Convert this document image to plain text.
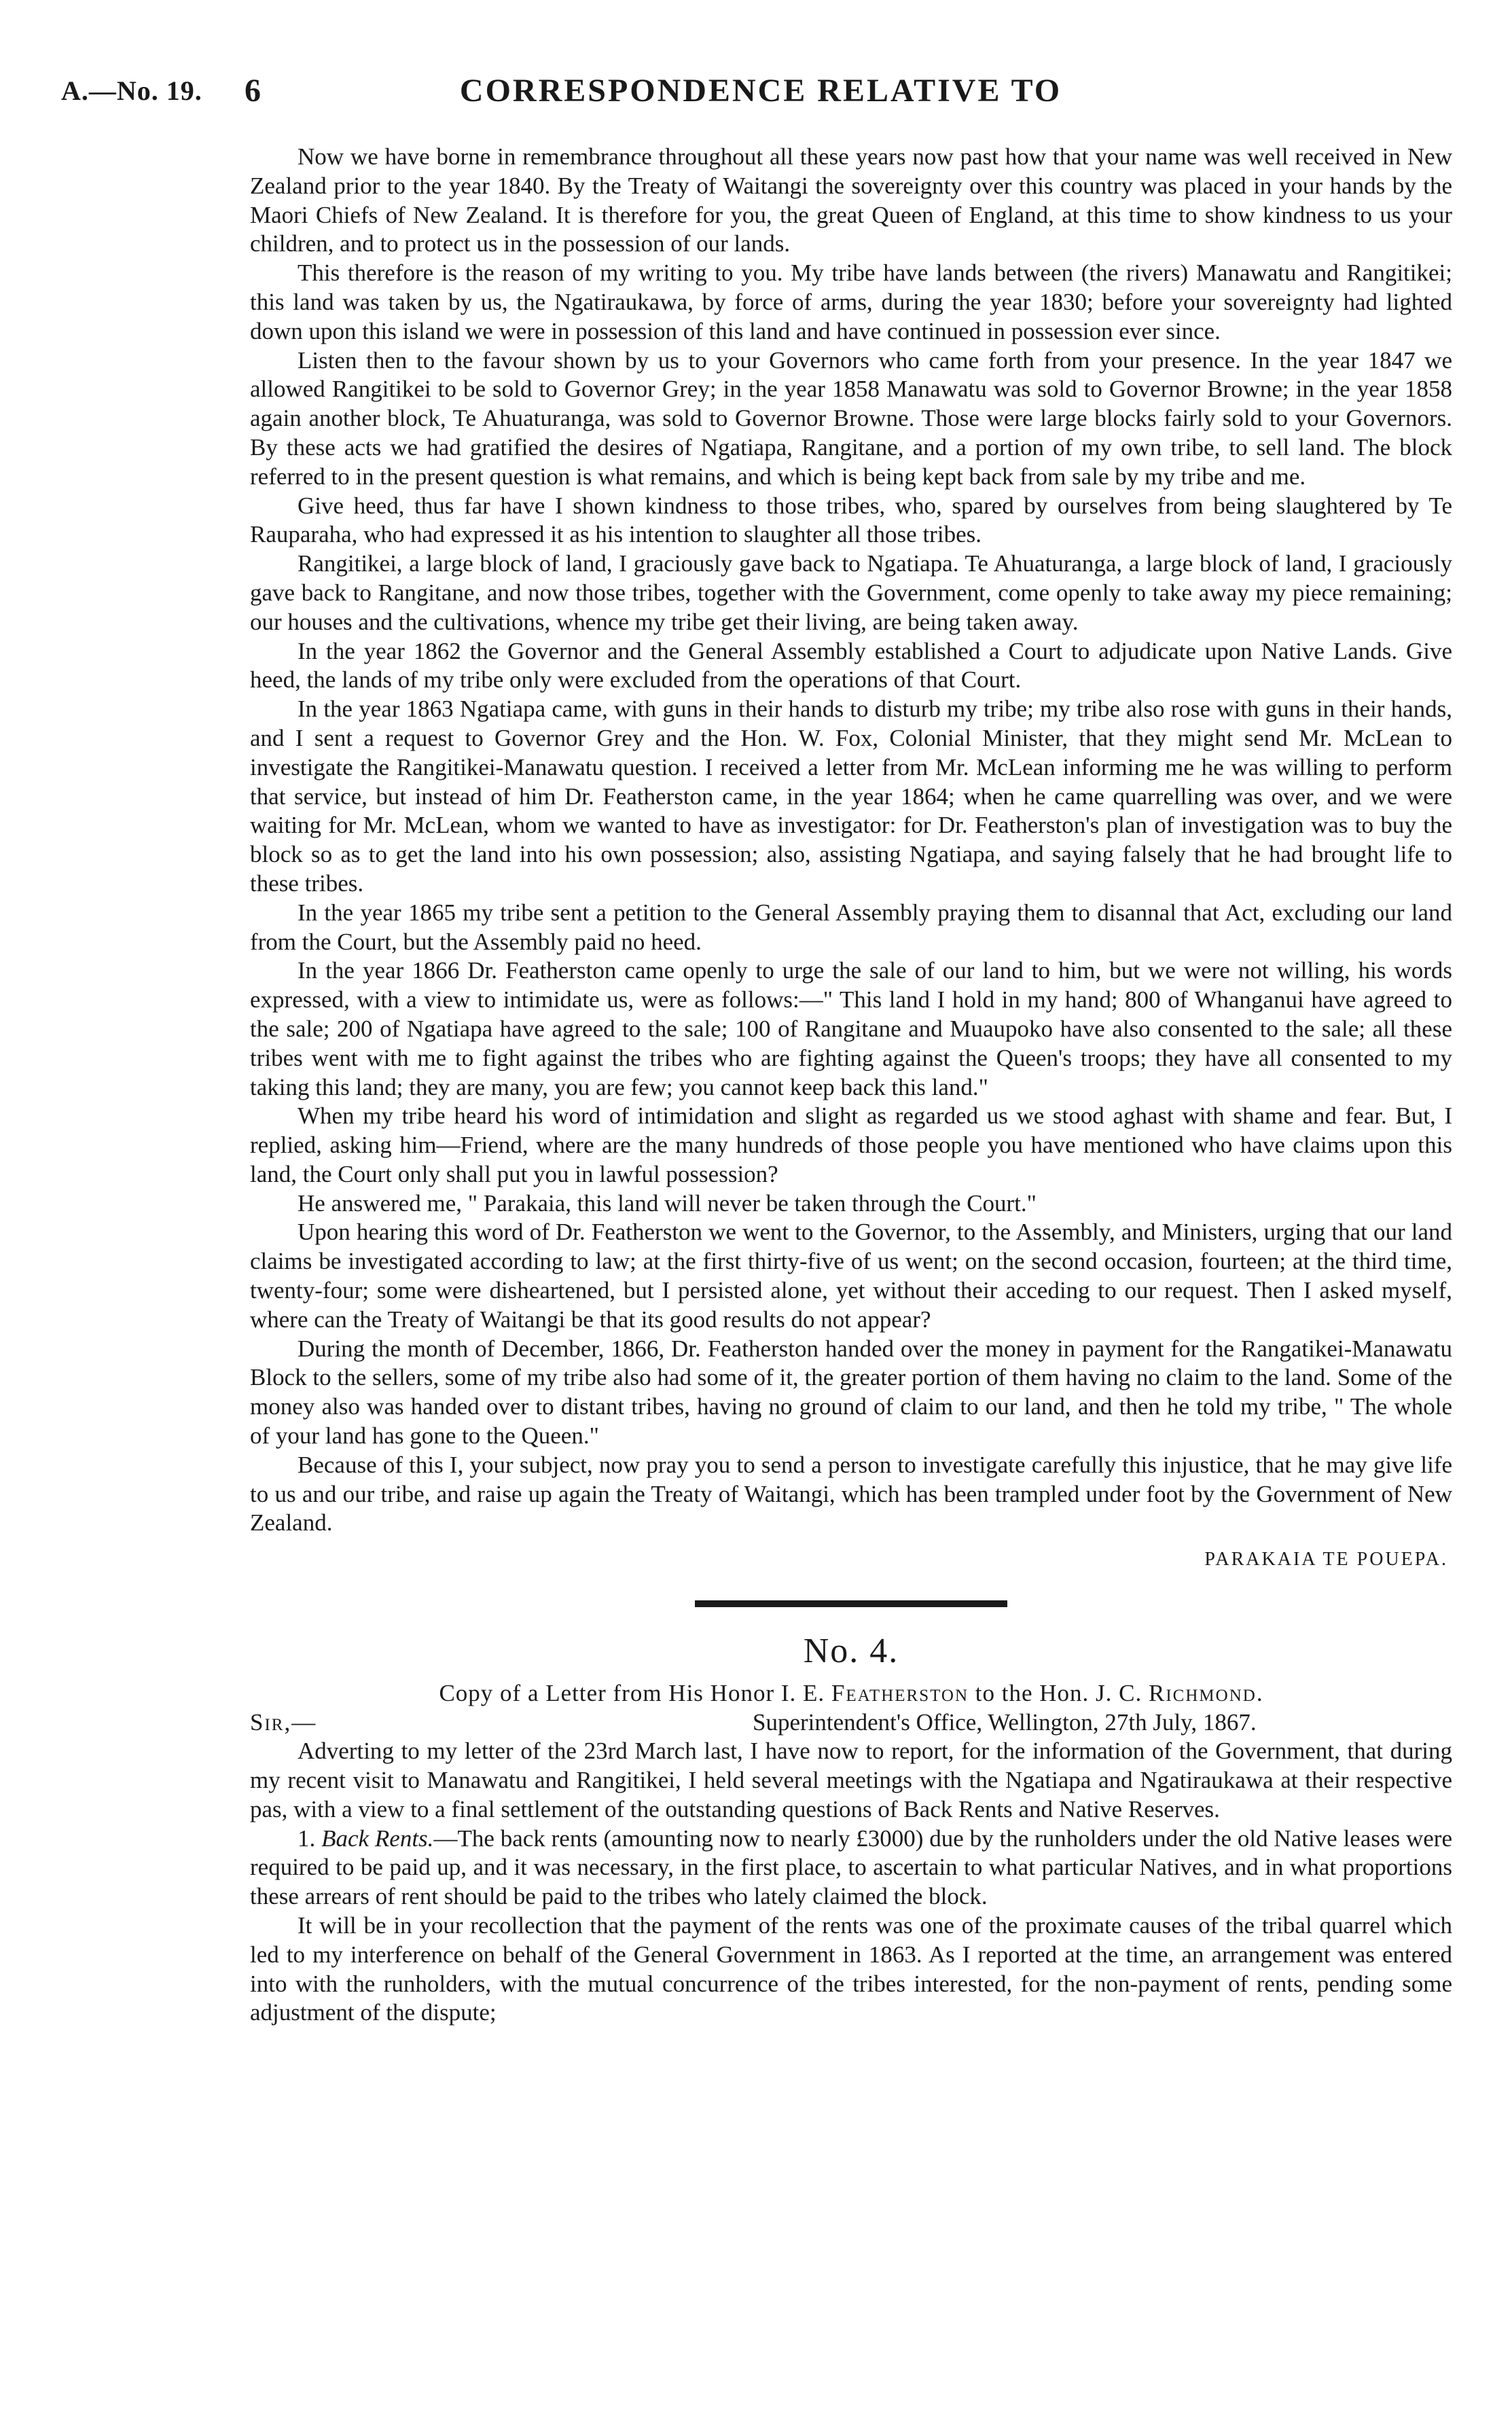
A.—No. 19. 6	CORRESPONDENCE RELATIVE TO

Now we have borne in remembrance throughout all these years now past how that your name was well received in New Zealand prior to the year 1840. By the Treaty of Waitangi the sovereignty over this country was placed in your hands by the Maori Chiefs of New Zealand. It is therefore for you, the great Queen of England, at this time to show kindness to us your children, and to protect us in the possession of our lands.

This therefore is the reason of my writing to you. My tribe have lands between (the rivers) Manawatu and Rangitikei; this land was taken by us, the Ngatiraukawa, by force of arms, during the year 1830; before your sovereignty had lighted down upon this island we were in possession of this land and have continued in possession ever since.

Listen then to the favour shown by us to your Governors who came forth from your presence. In the year 1847 we allowed Rangitikei to be sold to Governor Grey; in the year 1858 Manawatu was sold to Governor Browne; in the year 1858 again another block, Te Ahuaturanga, was sold to Governor Browne. Those were large blocks fairly sold to your Governors. By these acts we had gratified the desires of Ngatiapa, Rangitane, and a portion of my own tribe, to sell land. The block referred to in the present question is what remains, and which is being kept back from sale by my tribe and me.

Give heed, thus far have I shown kindness to those tribes, who, spared by ourselves from being slaughtered by Te Rauparaha, who had expressed it as his intention to slaughter all those tribes.

Rangitikei, a large block of land, I graciously gave back to Ngatiapa. Te Ahuaturanga, a large block of land, I graciously gave back to Rangitane, and now those tribes, together with the Government, come openly to take away my piece remaining; our houses and the cultivations, whence my tribe get their living, are being taken away.

In the year 1862 the Governor and the General Assembly established a Court to adjudicate upon Native Lands. Give heed, the lands of my tribe only were excluded from the operations of that Court.

In the year 1863 Ngatiapa came, with guns in their hands to disturb my tribe; my tribe also rose with guns in their hands, and I sent a request to Governor Grey and the Hon. W. Fox, Colonial Minister, that they might send Mr. McLean to investigate the Rangitikei-Manawatu question. I received a letter from Mr. McLean informing me he was willing to perform that service, but instead of him Dr. Featherston came, in the year 1864; when he came quarrelling was over, and we were waiting for Mr. McLean, whom we wanted to have as investigator: for Dr. Featherston's plan of investigation was to buy the block so as to get the land into his own possession; also, assisting Ngatiapa, and saying falsely that he had brought life to these tribes.

In the year 1865 my tribe sent a petition to the General Assembly praying them to disannal that Act, excluding our land from the Court, but the Assembly paid no heed.

In the year 1866 Dr. Featherston came openly to urge the sale of our land to him, but we were not willing, his words expressed, with a view to intimidate us, were as follows:—" This land I hold in my hand; 800 of Whanganui have agreed to the sale; 200 of Ngatiapa have agreed to the sale; 100 of Rangitane and Muaupoko have also consented to the sale; all these tribes went with me to fight against the tribes who are fighting against the Queen's troops; they have all consented to my taking this land; they are many, you are few; you cannot keep back this land."

When my tribe heard his word of intimidation and slight as regarded us we stood aghast with shame and fear. But, I replied, asking him—Friend, where are the many hundreds of those people you have mentioned who have claims upon this land, the Court only shall put you in lawful possession?

He answered me, " Parakaia, this land will never be taken through the Court."

Upon hearing this word of Dr. Featherston we went to the Governor, to the Assembly, and Ministers, urging that our land claims be investigated according to law; at the first thirty-five of us went; on the second occasion, fourteen; at the third time, twenty-four; some were disheartened, but I persisted alone, yet without their acceding to our request. Then I asked myself, where can the Treaty of Waitangi be that its good results do not appear?

During the month of December, 1866, Dr. Featherston handed over the money in payment for the Rangatikei-Manawatu Block to the sellers, some of my tribe also had some of it, the greater portion of them having no claim to the land. Some of the money also was handed over to distant tribes, having no ground of claim to our land, and then he told my tribe, " The whole of your land has gone to the Queen."

Because of this I, your subject, now pray you to send a person to investigate carefully this injustice, that he may give life to us and our tribe, and raise up again the Treaty of Waitangi, which has been trampled under foot by the Government of New Zealand.

PARAKAIA TE POUEPA.
No. 4.
Copy of a Letter from His Honor I. E. Featherston to the Hon. J. C. Richmond.
Sir,—	Superintendent's Office, Wellington, 27th July, 1867.

Adverting to my letter of the 23rd March last, I have now to report, for the information of the Government, that during my recent visit to Manawatu and Rangitikei, I held several meetings with the Ngatiapa and Ngatiraukawa at their respective pas, with a view to a final settlement of the outstanding questions of Back Rents and Native Reserves.

1. Back Rents.—The back rents (amounting now to nearly £3000) due by the runholders under the old Native leases were required to be paid up, and it was necessary, in the first place, to ascertain to what particular Natives, and in what proportions these arrears of rent should be paid to the tribes who lately claimed the block.

It will be in your recollection that the payment of the rents was one of the proximate causes of the tribal quarrel which led to my interference on behalf of the General Government in 1863. As I reported at the time, an arrangement was entered into with the runholders, with the mutual concurrence of the tribes interested, for the non-payment of rents, pending some adjustment of the dispute;
